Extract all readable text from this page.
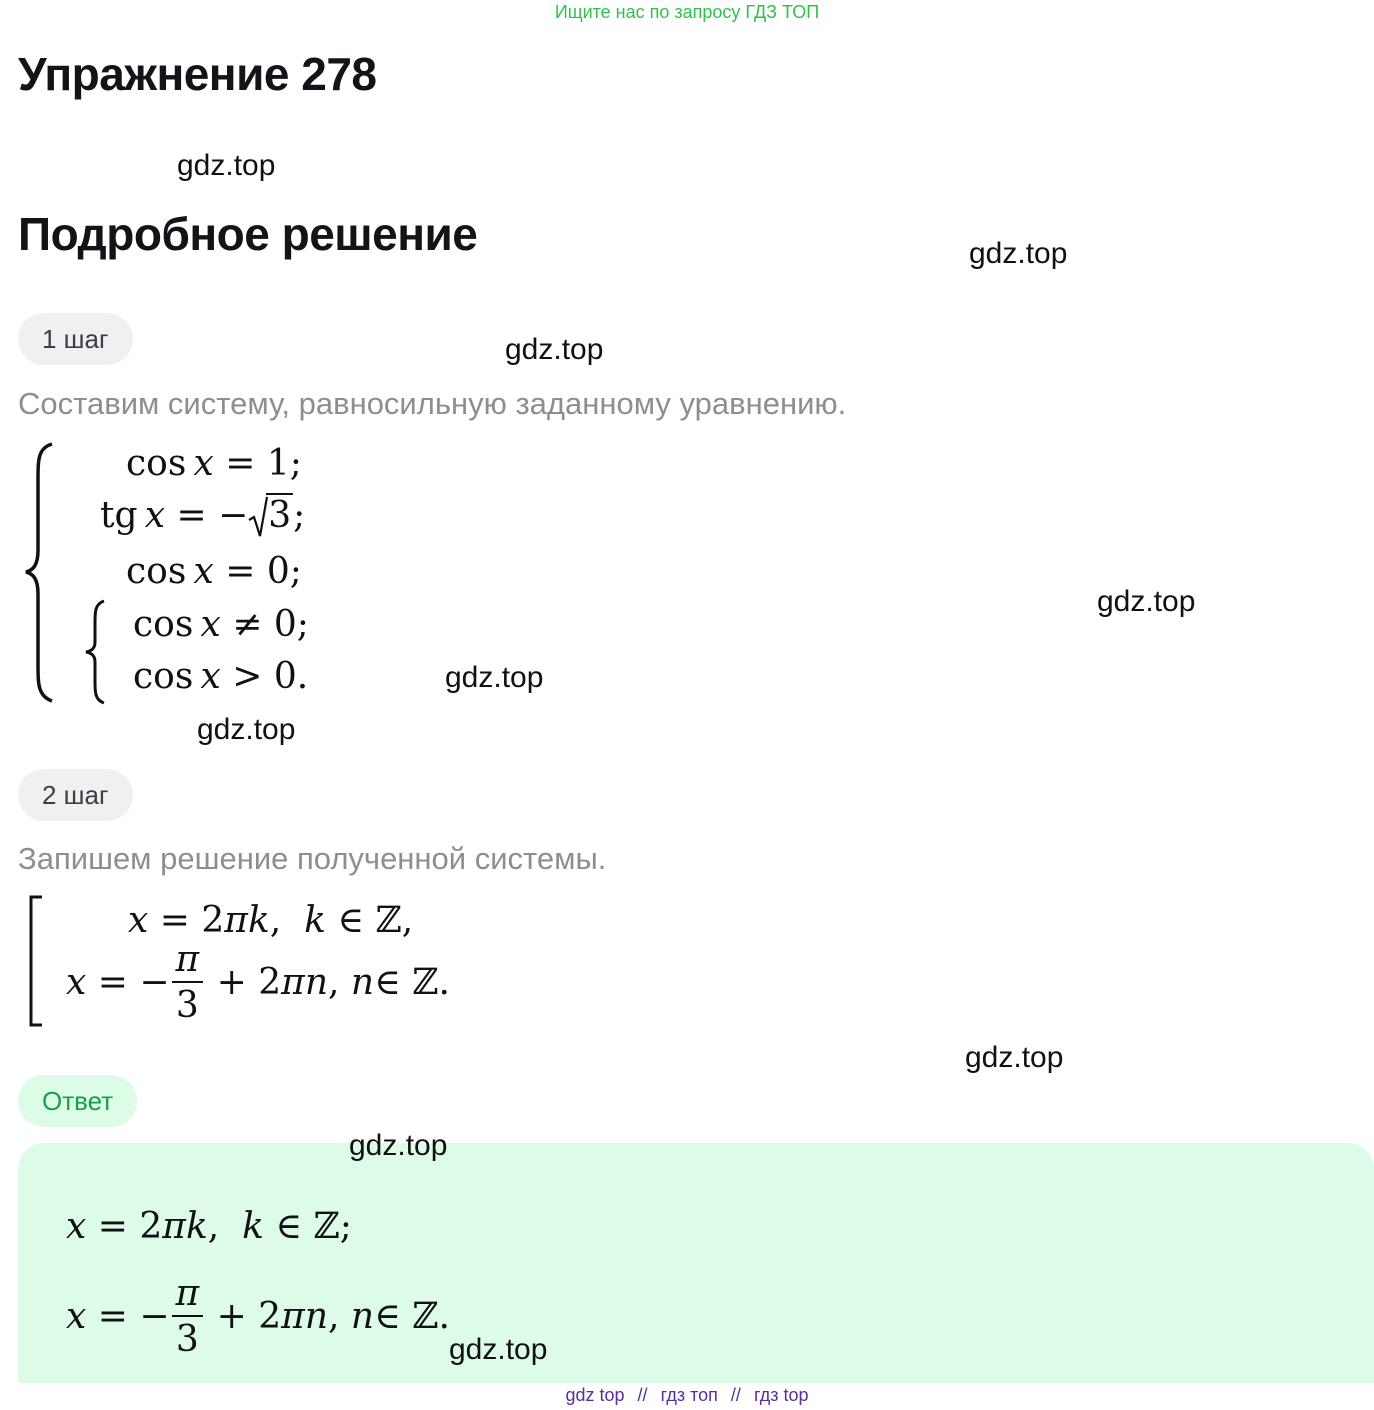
Ищите нас по запросу ГДЗ ТОП
Упражнение 278
gdz.top
Подробное решение	gdz.top
1 шаг	gdz.top
Составим систему, равносильную заданному уравнению.
cos x = 1;
tg x = − 3;
cos x = 0;
cos x ≠ 0;
cos x > 0.
gdz.top
gdz.top
gdz.top
2 шаг
Запишем решение полученной системы.
x = 2πk,  k ∈ ℤ,
x = − $\frac{\pi}{3} + 2$ πn , n ∈ ℤ.
gdz.top
Ответ
x = 2πk,  k ∈ ℤ;
x = − $\frac{\pi}{3} + 2$ πn , n ∈ ℤ.
gdz.top
gdz.top
gdz top // гдз топ // гдз top
